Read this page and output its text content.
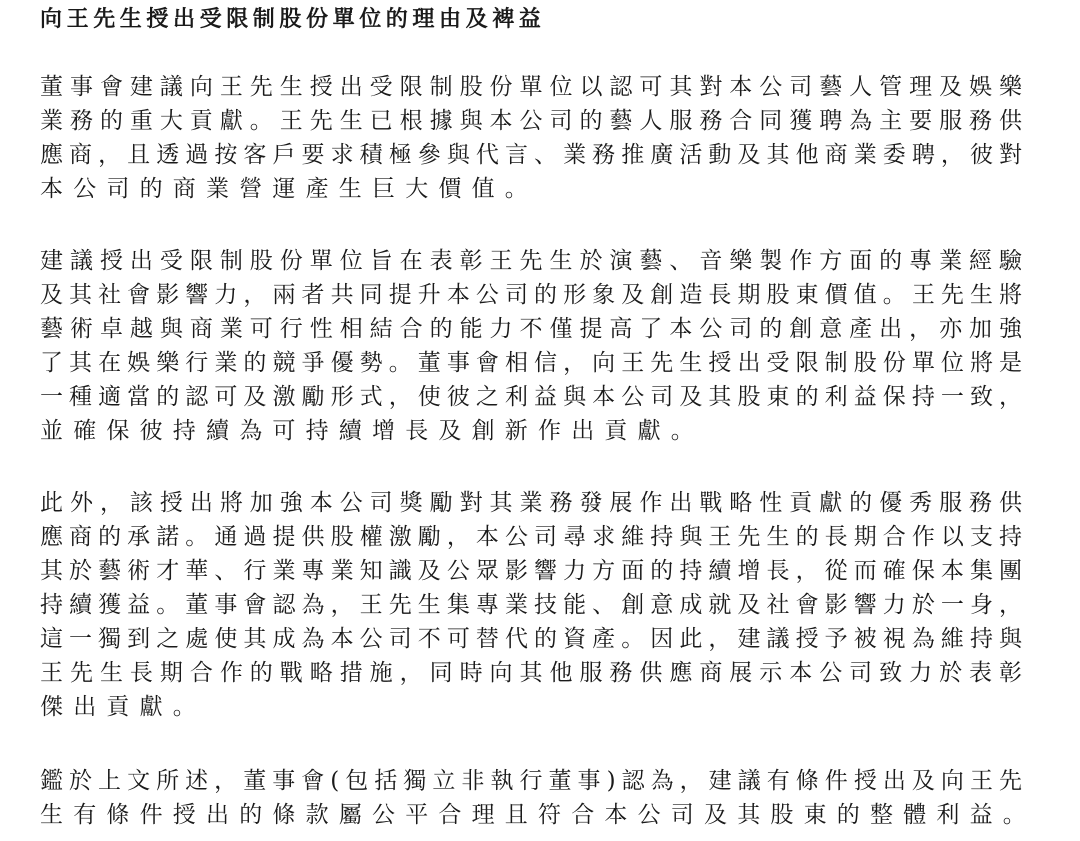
向王先生授出受限制股份單位的理由及裨益
董事會建議向王先生授出受限制股份單位以認可其對本公司藝人管理及娛樂
業務的重大貢獻。王先生已根據與本公司的藝人服務合同獲聘為主要服務供
應商，且透過按客戶要求積極參與代言、業務推廣活動及其他商業委聘，彼對
本公司的商業營運產生巨大價值。
建議授出受限制股份單位旨在表彰王先生於演藝、音樂製作方面的專業經驗
及其社會影響力，兩者共同提升本公司的形象及創造長期股東價值。王先生將
藝術卓越與商業可行性相結合的能力不僅提高了本公司的創意產出，亦加強
了其在娛樂行業的競爭優勢。董事會相信，向王先生授出受限制股份單位將是
一種適當的認可及激勵形式，使彼之利益與本公司及其股東的利益保持一致，
並確保彼持續為可持續增長及創新作出貢獻。
此外，該授出將加強本公司獎勵對其業務發展作出戰略性貢獻的優秀服務供
應商的承諾。通過提供股權激勵，本公司尋求維持與王先生的長期合作以支持
其於藝術才華、行業專業知識及公眾影響力方面的持續增長，從而確保本集團
持續獲益。董事會認為，王先生集專業技能、創意成就及社會影響力於一身，
這一獨到之處使其成為本公司不可替代的資產。因此，建議授予被視為維持與
王先生長期合作的戰略措施，同時向其他服務供應商展示本公司致力於表彰
傑出貢獻。
鑑於上文所述，董事會(包括獨立非執行董事)認為，建議有條件授出及向王先
生有條件授出的條款屬公平合理且符合本公司及其股東的整體利益。
